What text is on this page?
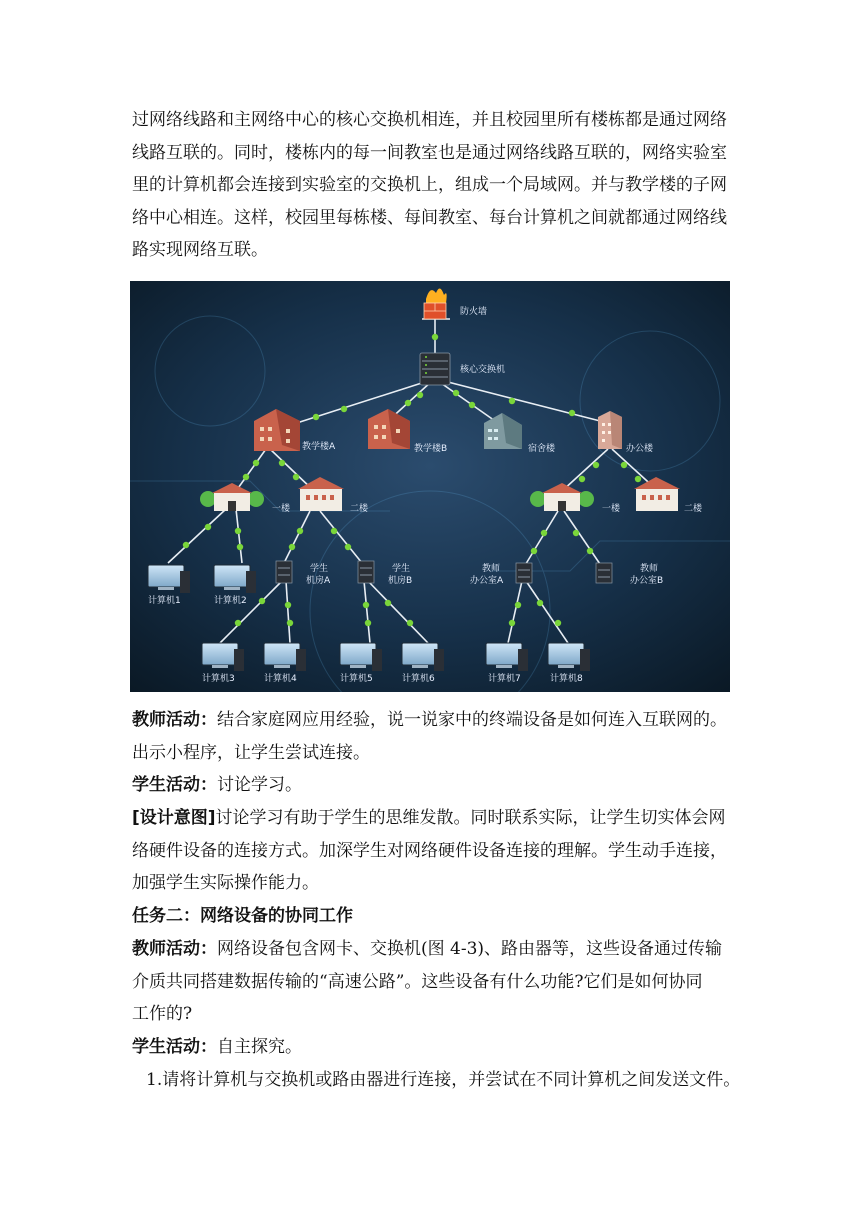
过网络线路和主网络中心的核心交换机相连，并且校园里所有楼栋都是通过网络
线路互联的。同时，楼栋内的每一间教室也是通过网络线路互联的，网络实验室
里的计算机都会连接到实验室的交换机上，组成一个局域网。并与教学楼的子网
络中心相连。这样，校园里每栋楼、每间教室、每台计算机之间就都通过网络线
路实现网络互联。

防火墙
核心交换机
教学楼A	教学楼B	宿舍楼	办公楼
一楼	二楼	一楼	二楼
学生
机房A
学生
机房B
教师
办公室A
教师
办公室B
计算机1	计算机2
计算机3	计算机4	计算机5	计算机6	计算机7	计算机8

教师活动：结合家庭网应用经验，说一说家中的终端设备是如何连入互联网的。
出示小程序，让学生尝试连接。

学生活动：讨论学习。

[设计意图]讨论学习有助于学生的思维发散。同时联系实际，让学生切实体会网
络硬件设备的连接方式。加深学生对网络硬件设备连接的理解。学生动手连接，
加强学生实际操作能力。

任务二：网络设备的协同工作

教师活动：网络设备包含网卡、交换机(图 4-3)、路由器等，这些设备通过传输
介质共同搭建数据传输的“高速公路”。这些设备有什么功能?它们是如何协同
工作的?

学生活动：自主探究。

1.请将计算机与交换机或路由器进行连接，并尝试在不同计算机之间发送文件。
